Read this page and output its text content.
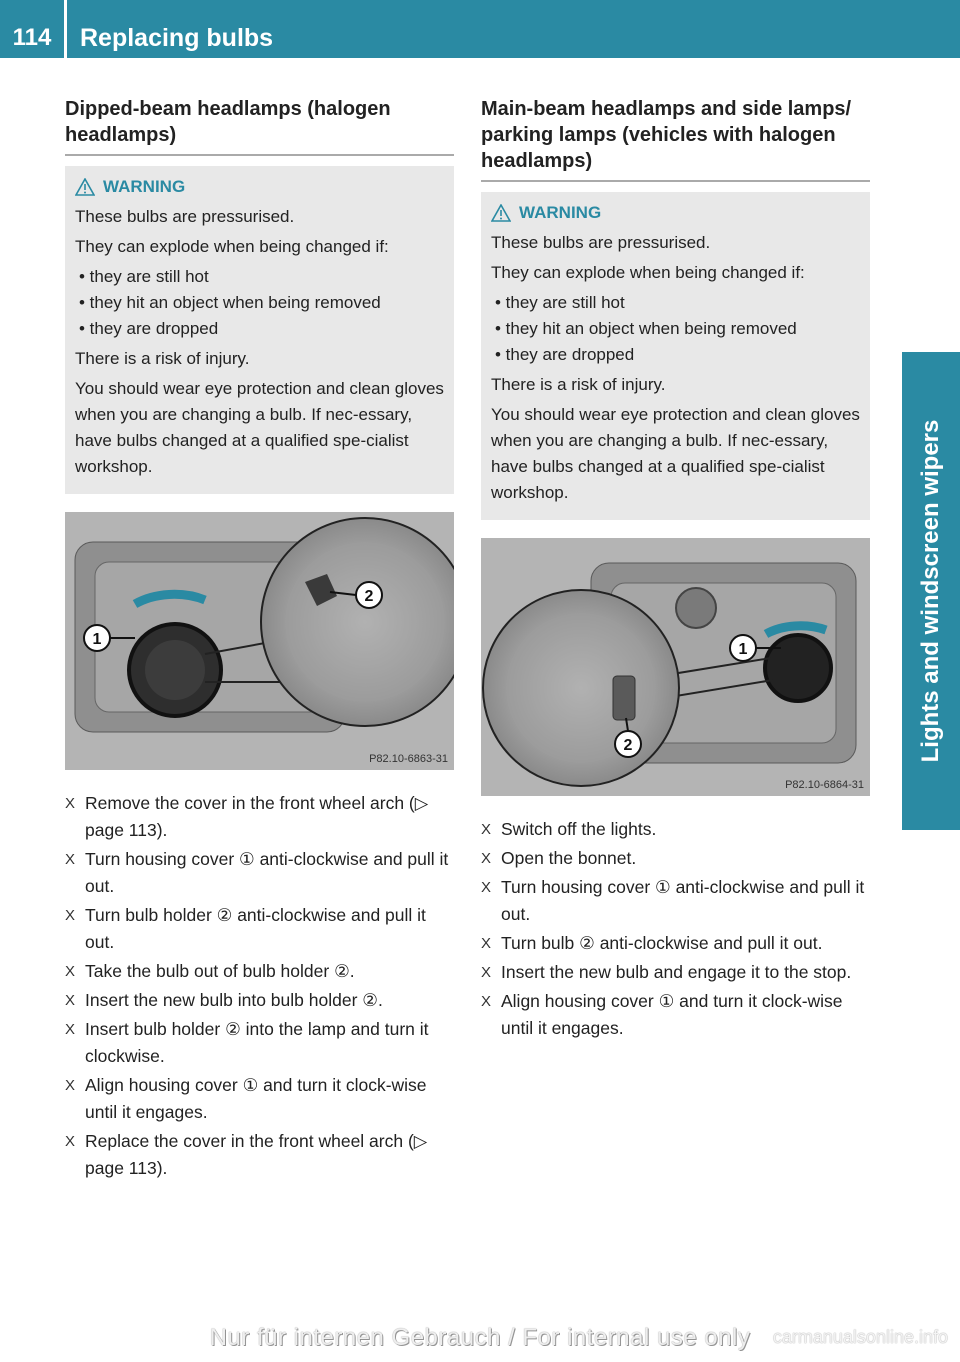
114	Replacing bulbs
Lights and windscreen wipers
Dipped-beam headlamps (halogen headlamps)
WARNING

These bulbs are pressurised.

They can explode when being changed if:

• they are still hot
• they hit an object when being removed
• they are dropped

There is a risk of injury.

You should wear eye protection and clean gloves when you are changing a bulb. If nec-essary, have bulbs changed at a qualified spe-cialist workshop.

1
2
P82.10-6863-31
X Remove the cover in the front wheel arch (▷ page 113).
X Turn housing cover ① anti-clockwise and pull it out.
X Turn bulb holder ② anti-clockwise and pull it out.
X Take the bulb out of bulb holder ②.
X Insert the new bulb into bulb holder ②.
X Insert bulb holder ② into the lamp and turn it clockwise.
X Align housing cover ① and turn it clock-wise until it engages.
X Replace the cover in the front wheel arch (▷ page 113).
Main-beam headlamps and side lamps/ parking lamps (vehicles with halogen headlamps)
WARNING

These bulbs are pressurised.

They can explode when being changed if:

• they are still hot
• they hit an object when being removed
• they are dropped

There is a risk of injury.

You should wear eye protection and clean gloves when you are changing a bulb. If nec-essary, have bulbs changed at a qualified spe-cialist workshop.

1
2
P82.10-6864-31
X Switch off the lights.
X Open the bonnet.
X Turn housing cover ① anti-clockwise and pull it out.
X Turn bulb ② anti-clockwise and pull it out.
X Insert the new bulb and engage it to the stop.
X Align housing cover ① and turn it clock-wise until it engages.
Nur für internen Gebrauch / For internal use only	carmanualsonline.info
